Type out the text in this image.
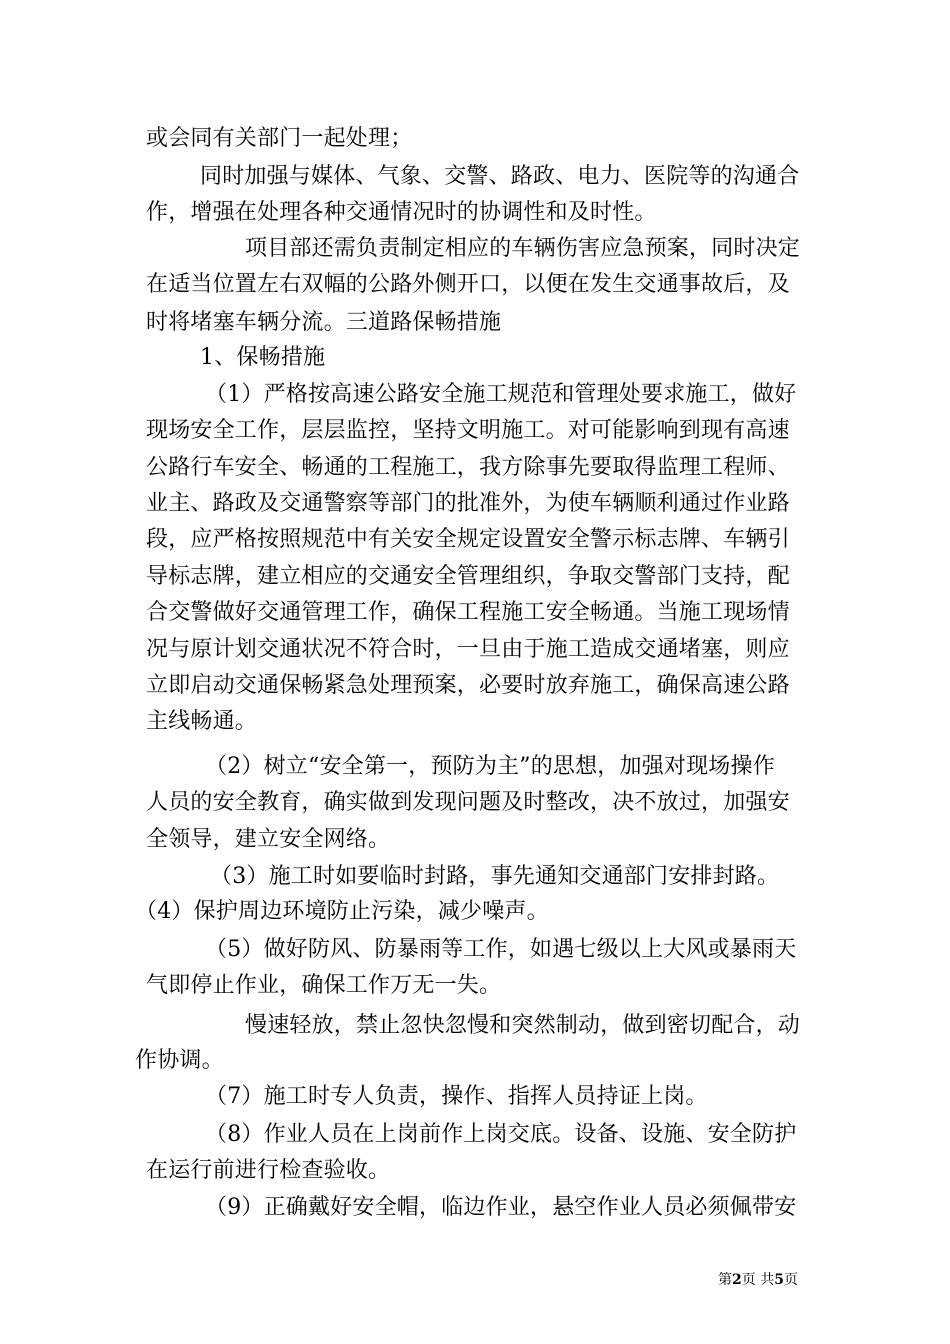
或会同有关部门一起处理；

同时加强与媒体、气象、交警、路政、电力、医院等的沟通合

作，增强在处理各种交通情况时的协调性和及时性。

项目部还需负责制定相应的车辆伤害应急预案，同时决定

在适当位置左右双幅的公路外侧开口，以便在发生交通事故后，及

时将堵塞车辆分流。三道路保畅措施

1、保畅措施

（1）严格按高速公路安全施工规范和管理处要求施工，做好

现场安全工作，层层监控，坚持文明施工。对可能影响到现有高速

公路行车安全、畅通的工程施工，我方除事先要取得监理工程师、

业主、路政及交通警察等部门的批准外，为使车辆顺利通过作业路

段，应严格按照规范中有关安全规定设置安全警示标志牌、车辆引

导标志牌，建立相应的交通安全管理组织，争取交警部门支持，配

合交警做好交通管理工作，确保工程施工安全畅通。当施工现场情

况与原计划交通状况不符合时，一旦由于施工造成交通堵塞，则应

立即启动交通保畅紧急处理预案，必要时放弃施工，确保高速公路

主线畅通。

（2）树立“安全第一，预防为主”的思想，加强对现场操作

人员的安全教育，确实做到发现问题及时整改，决不放过，加强安

全领导，建立安全网络。

（3）施工时如要临时封路，事先通知交通部门安排封路。

（4）保护周边环境防止污染，减少噪声。

（5）做好防风、防暴雨等工作，如遇七级以上大风或暴雨天

气即停止作业，确保工作万无一失。

慢速轻放，禁止忽快忽慢和突然制动，做到密切配合，动

作协调。

（7）施工时专人负责，操作、指挥人员持证上岗。

（8）作业人员在上岗前作上岗交底。设备、设施、安全防护

在运行前进行检查验收。

（9）正确戴好安全帽，临边作业，悬空作业人员必须佩带安

第2页 共5页
